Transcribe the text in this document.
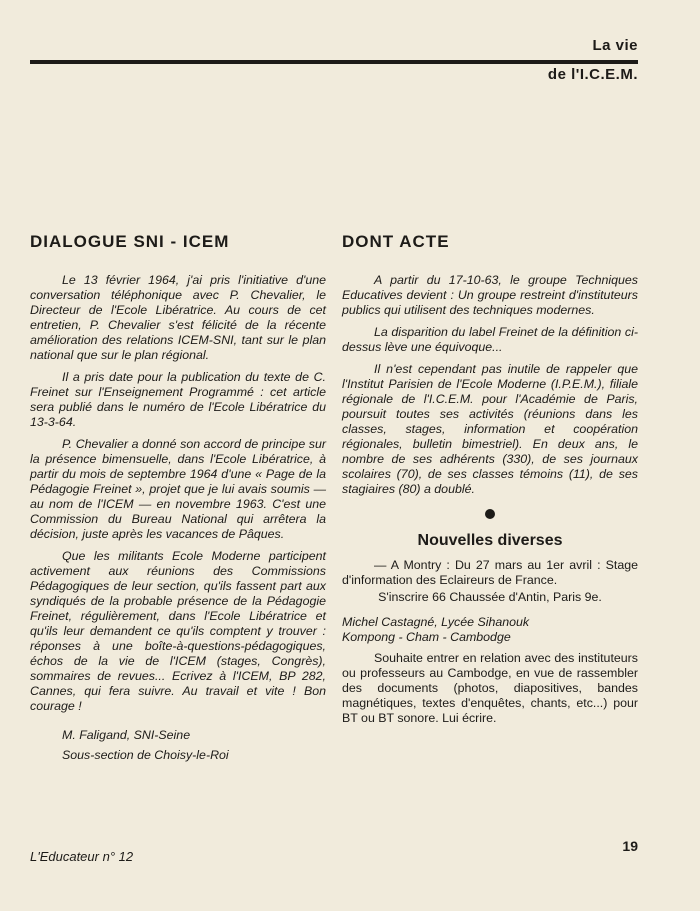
La vie
de l'I.C.E.M.
DIALOGUE SNI - ICEM

Le 13 février 1964, j'ai pris l'initiative d'une conversation téléphonique avec P. Chevalier, le Directeur de l'Ecole Libératrice. Au cours de cet entretien, P. Chevalier s'est félicité de la récente amélioration des relations ICEM-SNI, tant sur le plan national que sur le plan régional.

Il a pris date pour la publication du texte de C. Freinet sur l'Enseignement Programmé : cet article sera publié dans le numéro de l'Ecole Libératrice du 13-3-64.

P. Chevalier a donné son accord de principe sur la présence bimensuelle, dans l'Ecole Libératrice, à partir du mois de septembre 1964 d'une « Page de la Pédagogie Freinet », projet que je lui avais soumis — au nom de l'ICEM — en novembre 1963. C'est une Commission du Bureau National qui arrêtera la décision, juste après les vacances de Pâques.

Que les militants Ecole Moderne participent activement aux réunions des Commissions Pédagogiques de leur section, qu'ils fassent part aux syndiqués de la probable présence de la Pédagogie Freinet, régulièrement, dans l'Ecole Libératrice et qu'ils leur demandent ce qu'ils comptent y trouver : réponses à une boîte-à-questions-pédagogiques, échos de la vie de l'ICEM (stages, Congrès), sommaires de revues... Ecrivez à l'ICEM, BP 282, Cannes, qui fera suivre. Au travail et vite ! Bon courage !

M. Faligand, SNI-Seine
Sous-section de Choisy-le-Roi
DONT ACTE

A partir du 17-10-63, le groupe Techniques Educatives devient : Un groupe restreint d'instituteurs publics qui utilisent des techniques modernes.

La disparition du label Freinet de la définition ci-dessus lève une équivoque...

Il n'est cependant pas inutile de rappeler que l'Institut Parisien de l'Ecole Moderne (I.P.E.M.), filiale régionale de l'I.C.E.M. pour l'Académie de Paris, poursuit toutes ses activités (réunions dans les classes, stages, information et coopération régionales, bulletin bimestriel). En deux ans, le nombre de ses adhérents (330), de ses journaux scolaires (70), de ses classes témoins (11), de ses stagiaires (80) a doublé.

Nouvelles diverses

— A Montry : Du 27 mars au 1er avril : Stage d'information des Eclaireurs de France.

S'inscrire 66 Chaussée d'Antin, Paris 9e.

Michel Castagné, Lycée Sihanouk
Kompong - Cham - Cambodge

Souhaite entrer en relation avec des instituteurs ou professeurs au Cambodge, en vue de rassembler des documents (photos, diapositives, bandes magnétiques, textes d'enquêtes, chants, etc...) pour BT ou BT sonore. Lui écrire.

L'Educateur n° 12
19
